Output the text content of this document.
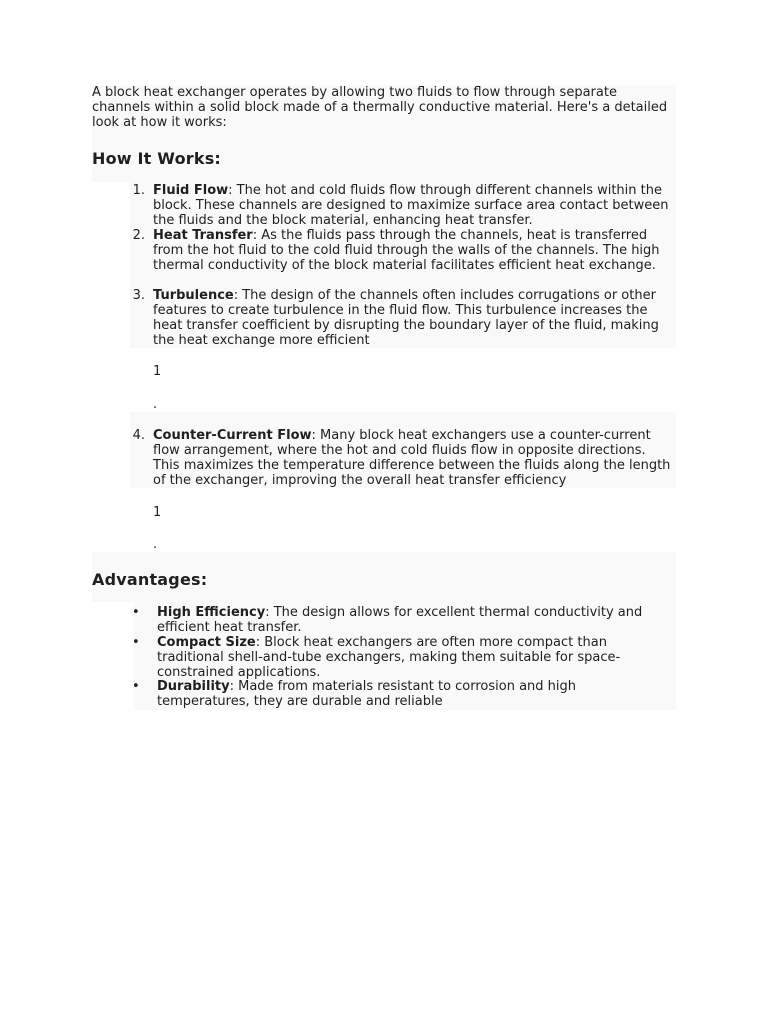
A block heat exchanger operates by allowing two fluids to flow through separate channels within a solid block made of a thermally conductive material. Here's a detailed look at how it works:
How It Works:
1. Fluid Flow: The hot and cold fluids flow through different channels within the block. These channels are designed to maximize surface area contact between the fluids and the block material, enhancing heat transfer.
2. Heat Transfer: As the fluids pass through the channels, heat is transferred from the hot fluid to the cold fluid through the walls of the channels. The high thermal conductivity of the block material facilitates efficient heat exchange.
3. Turbulence: The design of the channels often includes corrugations or other features to create turbulence in the fluid flow. This turbulence increases the heat transfer coefficient by disrupting the boundary layer of the fluid, making the heat exchange more efficient
1
.
4. Counter-Current Flow: Many block heat exchangers use a counter-current flow arrangement, where the hot and cold fluids flow in opposite directions. This maximizes the temperature difference between the fluids along the length of the exchanger, improving the overall heat transfer efficiency
1
.
Advantages:
• High Efficiency: The design allows for excellent thermal conductivity and efficient heat transfer.
• Compact Size: Block heat exchangers are often more compact than traditional shell-and-tube exchangers, making them suitable for space-constrained applications.
• Durability: Made from materials resistant to corrosion and high temperatures, they are durable and reliable
